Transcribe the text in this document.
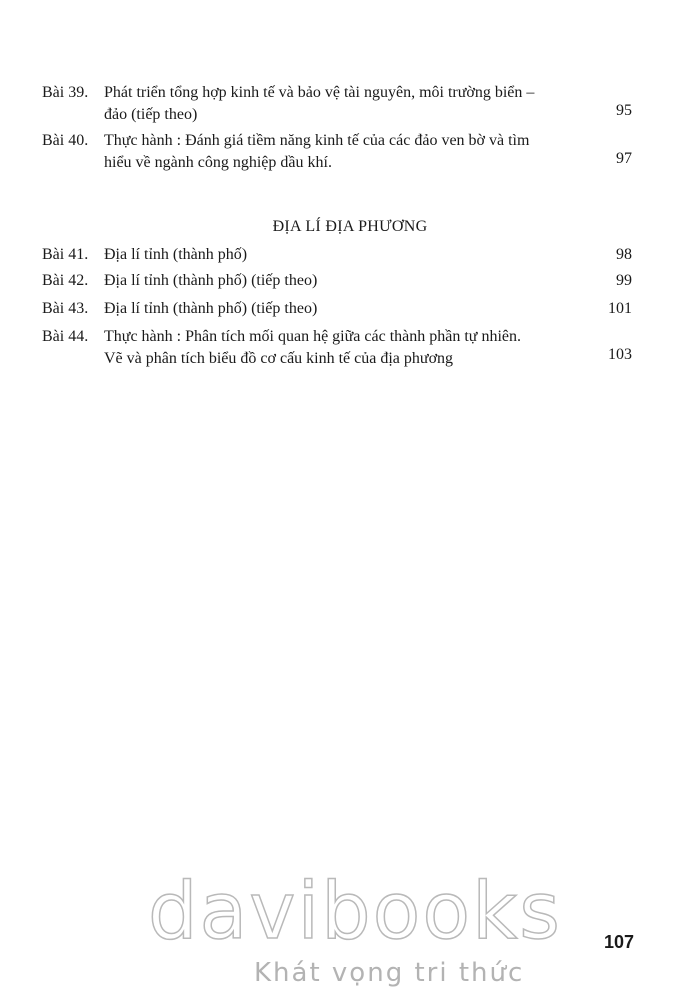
Bài 39. Phát triển tổng hợp kinh tế và bảo vệ tài nguyên, môi trường biển –
đảo (tiếp theo)	95
Bài 40. Thực hành : Đánh giá tiềm năng kinh tế của các đảo ven bờ và tìm
hiểu về ngành công nghiệp dầu khí.	97
ĐỊA LÍ ĐỊA PHƯƠNG
Bài 41. Địa lí tỉnh (thành phố)	98
Bài 42. Địa lí tỉnh (thành phố) (tiếp theo)	99
Bài 43. Địa lí tỉnh (thành phố) (tiếp theo)	101
Bài 44. Thực hành : Phân tích mối quan hệ giữa các thành phần tự nhiên.
Vẽ và phân tích biểu đồ cơ cấu kinh tế của địa phương	103
davibooks
Khát vọng tri thức
107
